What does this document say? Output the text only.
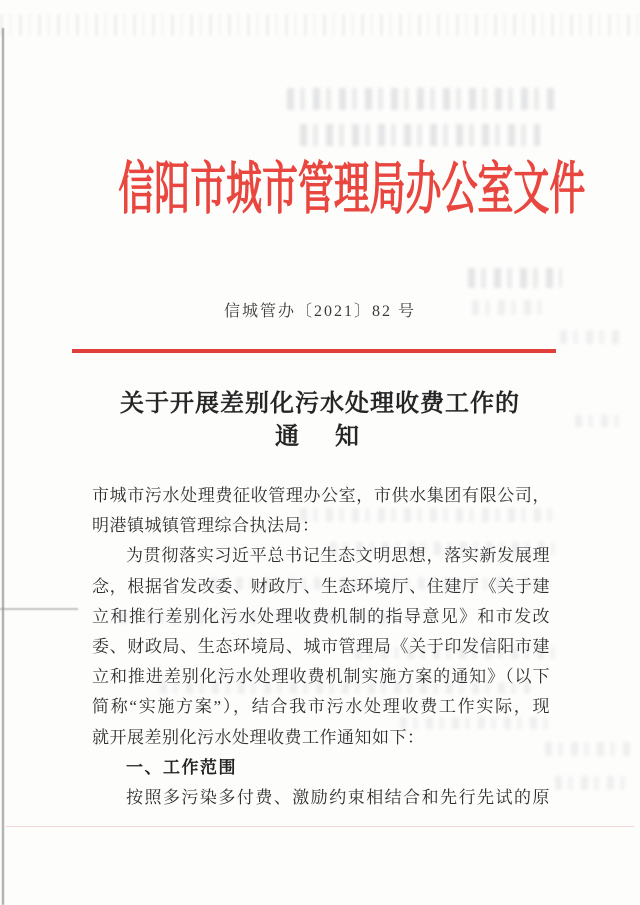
信阳市城市管理局办公室文件
信城管办〔2021〕82 号
关于开展差别化污水处理收费工作的
通　知
市城市污水处理费征收管理办公室，市供水集团有限公司，
明港镇城镇管理综合执法局：
为贯彻落实习近平总书记生态文明思想，落实新发展理
念，根据省发改委、财政厅、生态环境厅、住建厅《关于建
立和推行差别化污水处理收费机制的指导意见》和市发改
委、财政局、生态环境局、城市管理局《关于印发信阳市建
立和推进差别化污水处理收费机制实施方案的通知》（以下
简称“实施方案”），结合我市污水处理收费工作实际，现
就开展差别化污水处理收费工作通知如下：
一、工作范围
按照多污染多付费、激励约束相结合和先行先试的原
